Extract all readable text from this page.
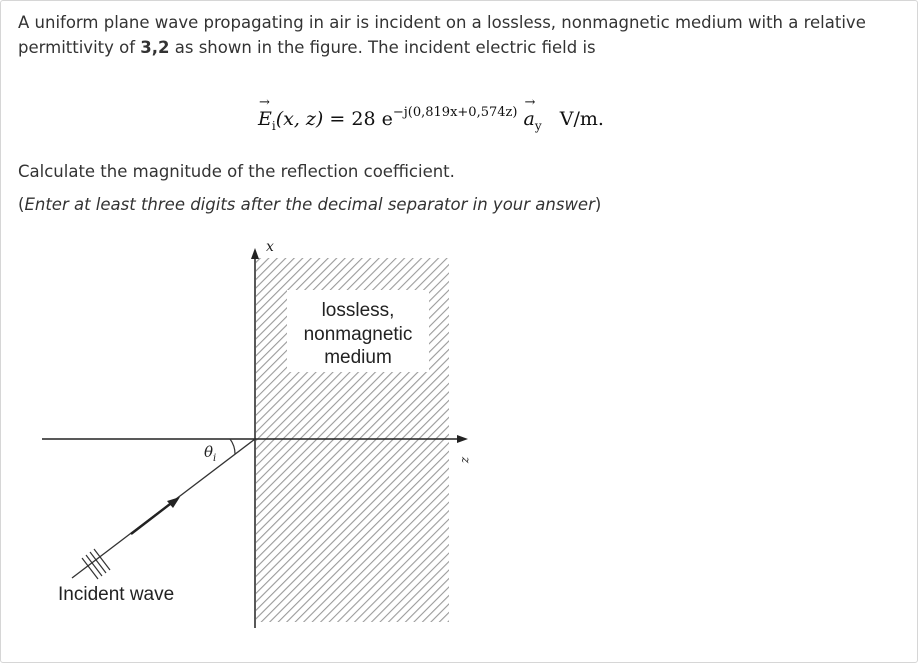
A uniform plane wave propagating in air is incident on a lossless, nonmagnetic medium with a relative permittivity of 3,2 as shown in the figure. The incident electric field is
→ $E_i(x$, z) = 28 $e^{-j(0,819x+0,574z)} \to a_y$ V/m.
Calculate the magnitude of the reflection coefficient.
(Enter at least three digits after the decimal separator in your answer)
lossless,
nonmagnetic
medium
x
z
$\theta_i$
Incident wave
